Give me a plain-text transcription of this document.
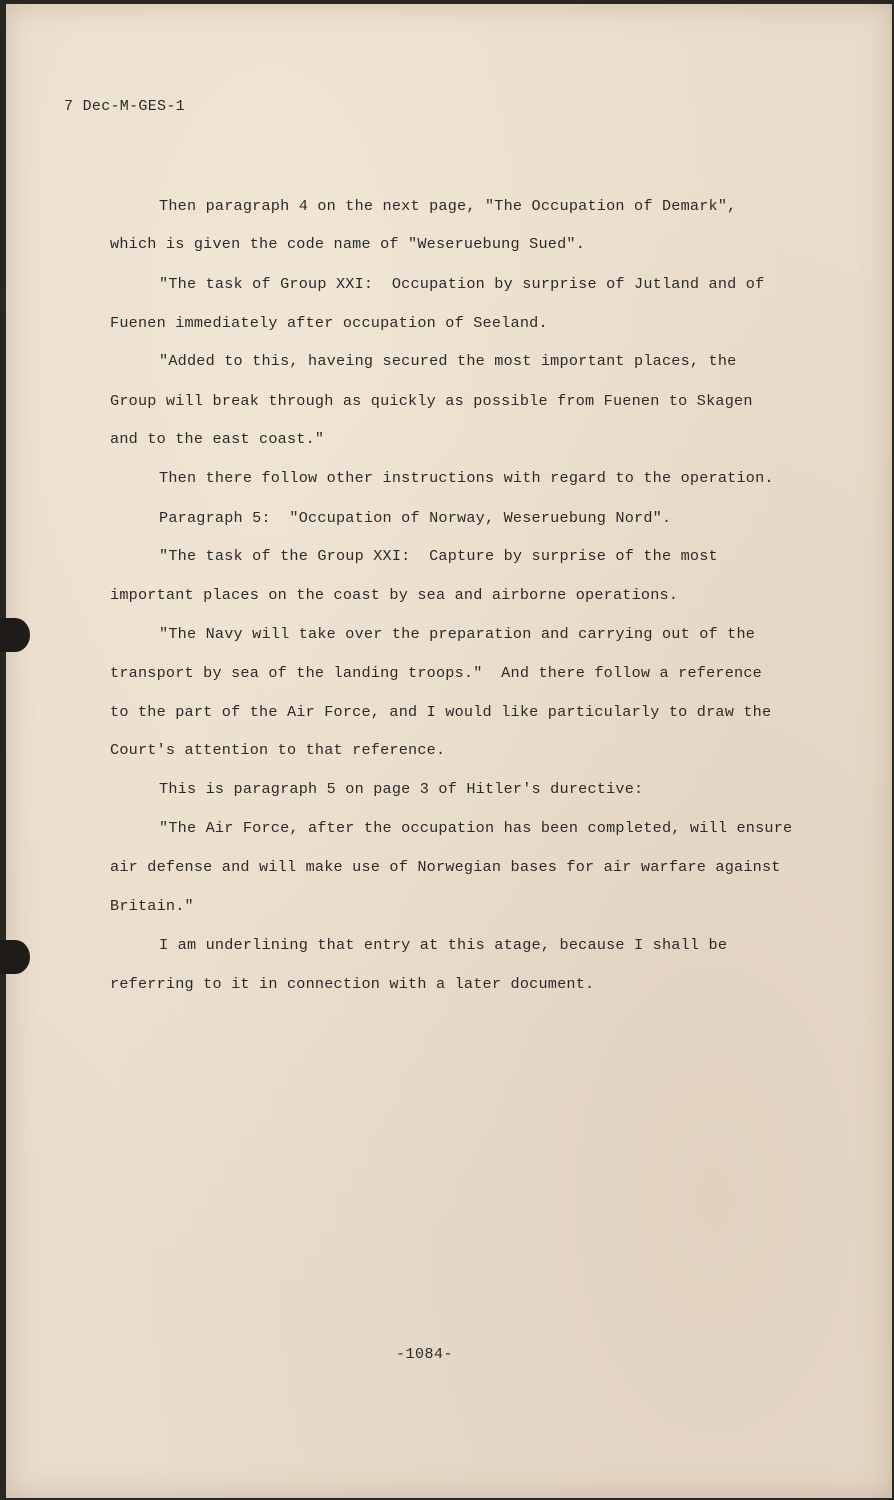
7 Dec-M-GES-1
Then paragraph 4 on the next page, "The Occupation of Demark",
which is given the code name of "Weseruebung Sued".
"The task of Group XXI:  Occupation by surprise of Jutland and of
Fuenen immediately after occupation of Seeland.
"Added to this, haveing secured the most important places, the
Group will break through as quickly as possible from Fuenen to Skagen
and to the east coast."
Then there follow other instructions with regard to the operation.
Paragraph 5:  "Occupation of Norway, Weseruebung Nord".
"The task of the Group XXI:  Capture by surprise of the most
important places on the coast by sea and airborne operations.
"The Navy will take over the preparation and carrying out of the
transport by sea of the landing troops."  And there follow a reference
to the part of the Air Force, and I would like particularly to draw the
Court's attention to that reference.
This is paragraph 5 on page 3 of Hitler's durective:
"The Air Force, after the occupation has been completed, will ensure
air defense and will make use of Norwegian bases for air warfare against
Britain."
I am underlining that entry at this atage, because I shall be
referring to it in connection with a later document.
-1084-
